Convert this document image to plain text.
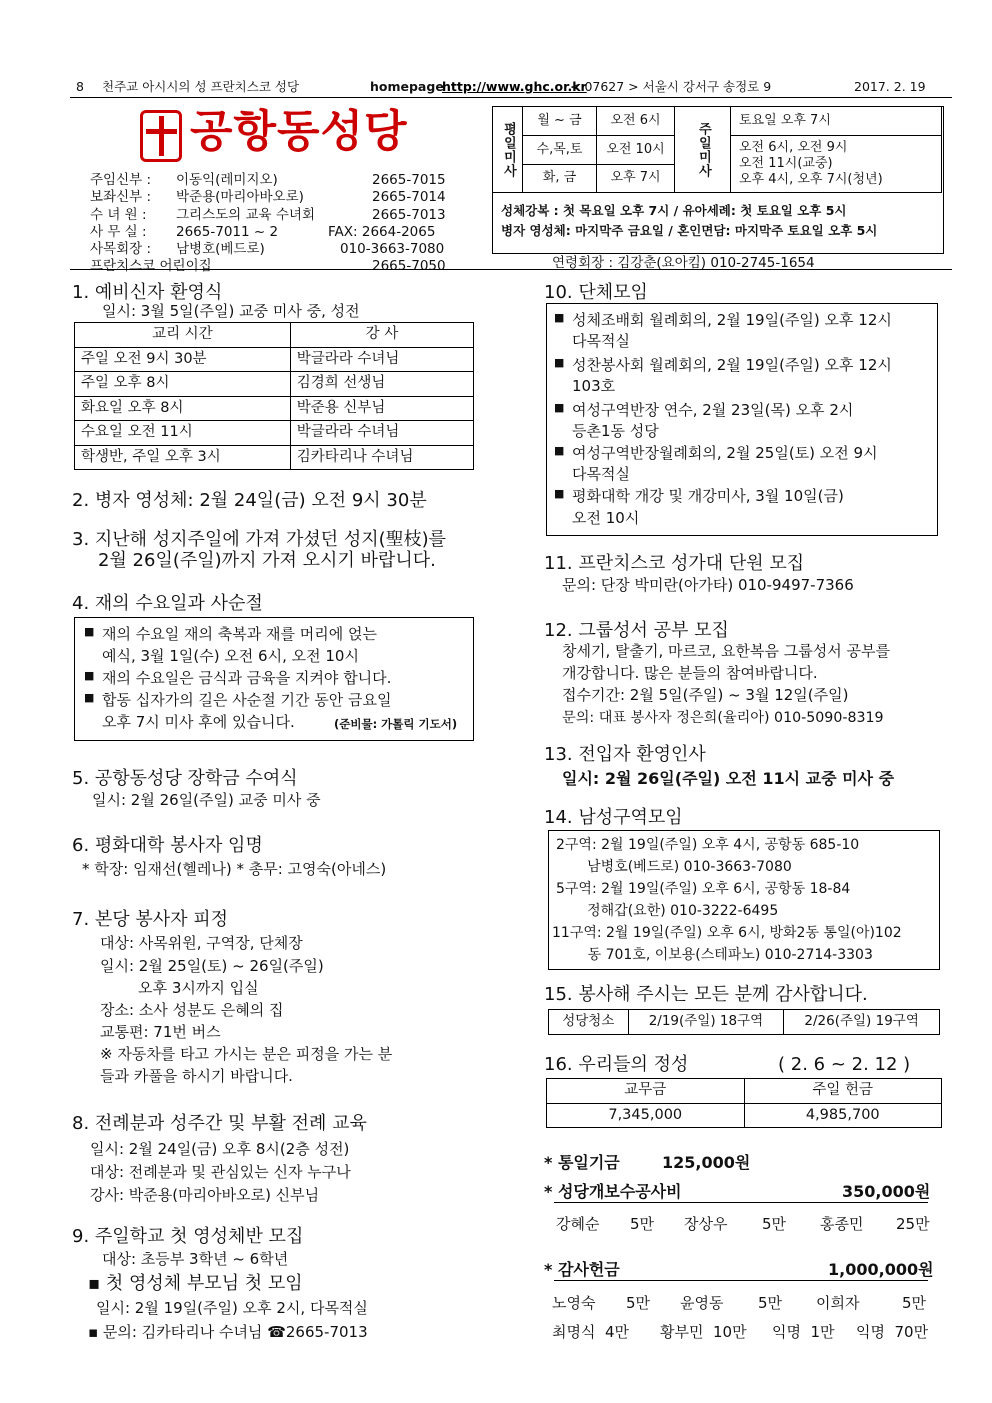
8 천주교 아시시의 성 프란치스코 성당	homepage
http://www.ghc.or.kr
< 07627 > 서울시 강서구 송정로 9	2017. 2. 19
공항동성당
주임신부 : 이동익(레미지오)	2665-7015
보좌신부 : 박준용(마리아바오로)	2665-7014
수 녀 원 : 그리스도의 교육 수녀회	2665-7013
사 무 실 : 2665-7011 ~ 2	FAX: 2664-2065
사목회장 : 남병호(베드로)	010-3663-7080
프란치스코 어린이집	2665-7050
평일미사
월 ~ 금	오전 6시
수,목,토	오전 10시
화, 금	오후 7시
주일미사
토요일 오후 7시
오전 6시, 오전 9시
오전 11시(교중)
오후 4시, 오후 7시(청년)
성체강복 : 첫 목요일 오후 7시 / 유아세례: 첫 토요일 오후 5시
병자 영성체: 마지막주 금요일 / 혼인면담: 마지막주 토요일 오후 5시
연령회장 : 김강춘(요아킴) 010-2745-1654
1. 예비신자 환영식
일시: 3월 5일(주일) 교중 미사 중, 성전
교리 시간	강 사
주일 오전 9시 30분	박글라라 수녀님
주일 오후 8시	김경희 선생님
화요일 오후 8시	박준용 신부님
수요일 오전 11시	박글라라 수녀님
학생반, 주일 오후 3시	김카타리나 수녀님
2. 병자 영성체: 2월 24일(금) 오전 9시 30분
3. 지난해 성지주일에 가져 가셨던 성지(聖枝)를
2월 26일(주일)까지 가져 오시기 바랍니다.
4. 재의 수요일과 사순절
■ 재의 수요일 재의 축복과 재를 머리에 얹는
예식, 3월 1일(수) 오전 6시, 오전 10시
■ 재의 수요일은 금식과 금육을 지켜야 합니다.
■ 합동 십자가의 길은 사순절 기간 동안 금요일
오후 7시 미사 후에 있습니다.	(준비물: 가톨릭 기도서)
5. 공항동성당 장학금 수여식
일시: 2월 26일(주일) 교중 미사 중
6. 평화대학 봉사자 임명
* 학장: 임재선(헬레나) * 총무: 고영숙(아네스)
7. 본당 봉사자 피정
대상: 사목위원, 구역장, 단체장
일시: 2월 25일(토) ~ 26일(주일)
오후 3시까지 입실
장소: 소사 성분도 은혜의 집
교통편: 71번 버스
※ 자동차를 타고 가시는 분은 피정을 가는 분
들과 카풀을 하시기 바랍니다.
8. 전례분과 성주간 및 부활 전례 교육
일시: 2월 24일(금) 오후 8시(2층 성전)
대상: 전례분과 및 관심있는 신자 누구나
강사: 박준용(마리아바오로) 신부님
9. 주일학교 첫 영성체반 모집
대상: 초등부 3학년 ~ 6학년
▪ 첫 영성체 부모님 첫 모임
일시: 2월 19일(주일) 오후 2시, 다목적실
▪ 문의: 김카타리나 수녀님 ☎2665-7013
10. 단체모임
■ 성체조배회 월례회의, 2월 19일(주일) 오후 12시
다목적실
■ 성찬봉사회 월례회의, 2월 19일(주일) 오후 12시
103호
■ 여성구역반장 연수, 2월 23일(목) 오후 2시
등촌1동 성당
■ 여성구역반장월례회의, 2월 25일(토) 오전 9시
다목적실
■ 평화대학 개강 및 개강미사, 3월 10일(금)
오전 10시
11. 프란치스코 성가대 단원 모집
문의: 단장 박미란(아가타) 010-9497-7366
12. 그룹성서 공부 모집
창세기, 탈출기, 마르코, 요한복음 그룹성서 공부를
개강합니다. 많은 분들의 참여바랍니다.
접수기간: 2월 5일(주일) ~ 3월 12일(주일)
문의: 대표 봉사자 정은희(율리아) 010-5090-8319
13. 전입자 환영인사
일시: 2월 26일(주일) 오전 11시 교중 미사 중
14. 남성구역모임
2구역: 2월 19일(주일) 오후 4시, 공항동 685-10
남병호(베드로) 010-3663-7080
5구역: 2월 19일(주일) 오후 6시, 공항동 18-84
정해갑(요한) 010-3222-6495
11구역: 2월 19일(주일) 오후 6시, 방화2동 통일(아)102
동 701호, 이보용(스테파노) 010-2714-3303
15. 봉사해 주시는 모든 분께 감사합니다.
성당청소	2/19(주일) 18구역	2/26(주일) 19구역
16. 우리들의 정성	( 2. 6 ~ 2. 12 )
교무금	주일 헌금
7,345,000	4,985,700
* 통일기금	125,000원
* 성당개보수공사비	350,000원
강혜순 5만 장상우 5만 홍종민 25만
* 감사헌금	1,000,000원
노영숙 5만 윤영동 5만 이희자	5만
최명식  4만 황부민  10만 익명  1만 익명  70만
